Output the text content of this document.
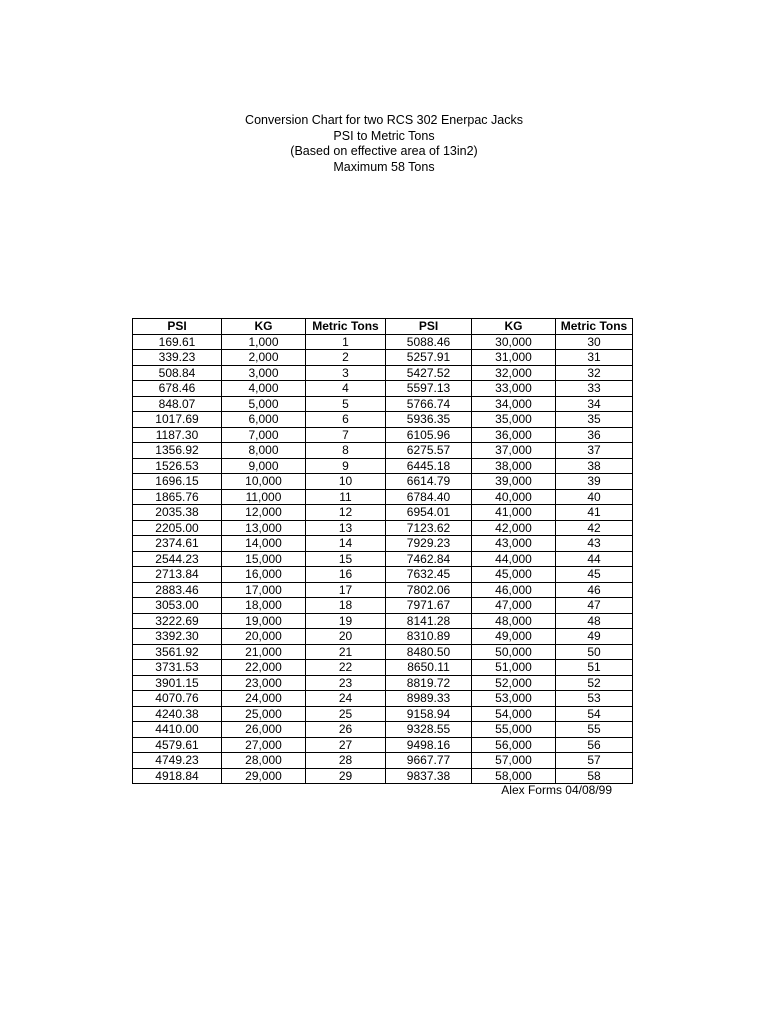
Conversion Chart for two RCS 302 Enerpac Jacks
PSI to Metric Tons
(Based on effective area of 13in2)
Maximum 58 Tons
PSI	KG	Metric Tons	PSI	KG	Metric Tons
169.61	1,000	1	5088.46	30,000	30
339.23	2,000	2	5257.91	31,000	31
508.84	3,000	3	5427.52	32,000	32
678.46	4,000	4	5597.13	33,000	33
848.07	5,000	5	5766.74	34,000	34
1017.69	6,000	6	5936.35	35,000	35
1187.30	7,000	7	6105.96	36,000	36
1356.92	8,000	8	6275.57	37,000	37
1526.53	9,000	9	6445.18	38,000	38
1696.15	10,000	10	6614.79	39,000	39
1865.76	11,000	11	6784.40	40,000	40
2035.38	12,000	12	6954.01	41,000	41
2205.00	13,000	13	7123.62	42,000	42
2374.61	14,000	14	7929.23	43,000	43
2544.23	15,000	15	7462.84	44,000	44
2713.84	16,000	16	7632.45	45,000	45
2883.46	17,000	17	7802.06	46,000	46
3053.00	18,000	18	7971.67	47,000	47
3222.69	19,000	19	8141.28	48,000	48
3392.30	20,000	20	8310.89	49,000	49
3561.92	21,000	21	8480.50	50,000	50
3731.53	22,000	22	8650.11	51,000	51
3901.15	23,000	23	8819.72	52,000	52
4070.76	24,000	24	8989.33	53,000	53
4240.38	25,000	25	9158.94	54,000	54
4410.00	26,000	26	9328.55	55,000	55
4579.61	27,000	27	9498.16	56,000	56
4749.23	28,000	28	9667.77	57,000	57
4918.84	29,000	29	9837.38	58,000	58
Alex Forms 04/08/99
